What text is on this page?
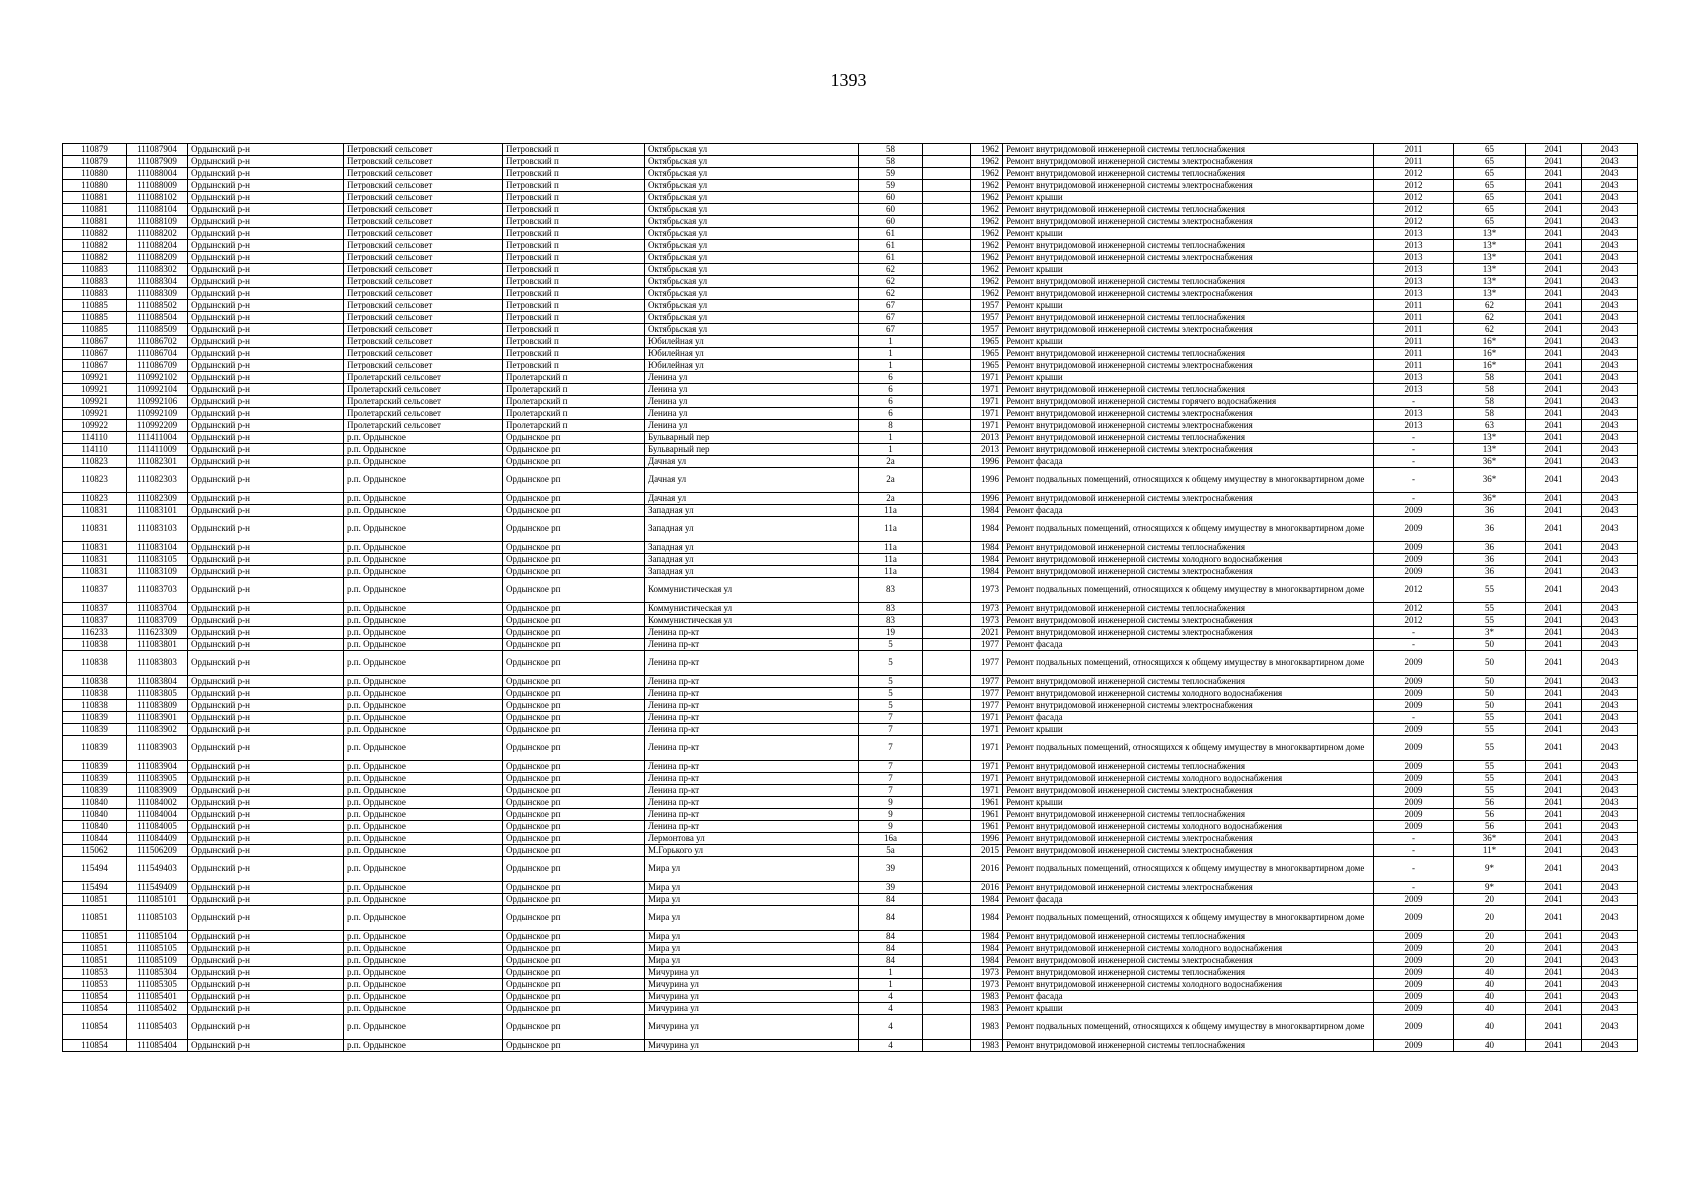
1393
110879	111087904	Ордынский р-н	Петровский сельсовет	Петровский п	Октябрьская ул	58		1962	Ремонт внутридомовой инженерной системы теплоснабжения	2011	65	2041	2043
110879	111087909	Ордынский р-н	Петровский сельсовет	Петровский п	Октябрьская ул	58		1962	Ремонт внутридомовой инженерной системы электроснабжения	2011	65	2041	2043
110880	111088004	Ордынский р-н	Петровский сельсовет	Петровский п	Октябрьская ул	59		1962	Ремонт внутридомовой инженерной системы теплоснабжения	2012	65	2041	2043
110880	111088009	Ордынский р-н	Петровский сельсовет	Петровский п	Октябрьская ул	59		1962	Ремонт внутридомовой инженерной системы электроснабжения	2012	65	2041	2043
110881	111088102	Ордынский р-н	Петровский сельсовет	Петровский п	Октябрьская ул	60		1962	Ремонт крыши	2012	65	2041	2043
110881	111088104	Ордынский р-н	Петровский сельсовет	Петровский п	Октябрьская ул	60		1962	Ремонт внутридомовой инженерной системы теплоснабжения	2012	65	2041	2043
110881	111088109	Ордынский р-н	Петровский сельсовет	Петровский п	Октябрьская ул	60		1962	Ремонт внутридомовой инженерной системы электроснабжения	2012	65	2041	2043
110882	111088202	Ордынский р-н	Петровский сельсовет	Петровский п	Октябрьская ул	61		1962	Ремонт крыши	2013	13*	2041	2043
110882	111088204	Ордынский р-н	Петровский сельсовет	Петровский п	Октябрьская ул	61		1962	Ремонт внутридомовой инженерной системы теплоснабжения	2013	13*	2041	2043
110882	111088209	Ордынский р-н	Петровский сельсовет	Петровский п	Октябрьская ул	61		1962	Ремонт внутридомовой инженерной системы электроснабжения	2013	13*	2041	2043
110883	111088302	Ордынский р-н	Петровский сельсовет	Петровский п	Октябрьская ул	62		1962	Ремонт крыши	2013	13*	2041	2043
110883	111088304	Ордынский р-н	Петровский сельсовет	Петровский п	Октябрьская ул	62		1962	Ремонт внутридомовой инженерной системы теплоснабжения	2013	13*	2041	2043
110883	111088309	Ордынский р-н	Петровский сельсовет	Петровский п	Октябрьская ул	62		1962	Ремонт внутридомовой инженерной системы электроснабжения	2013	13*	2041	2043
110885	111088502	Ордынский р-н	Петровский сельсовет	Петровский п	Октябрьская ул	67		1957	Ремонт крыши	2011	62	2041	2043
110885	111088504	Ордынский р-н	Петровский сельсовет	Петровский п	Октябрьская ул	67		1957	Ремонт внутридомовой инженерной системы теплоснабжения	2011	62	2041	2043
110885	111088509	Ордынский р-н	Петровский сельсовет	Петровский п	Октябрьская ул	67		1957	Ремонт внутридомовой инженерной системы электроснабжения	2011	62	2041	2043
110867	111086702	Ордынский р-н	Петровский сельсовет	Петровский п	Юбилейная ул	1		1965	Ремонт крыши	2011	16*	2041	2043
110867	111086704	Ордынский р-н	Петровский сельсовет	Петровский п	Юбилейная ул	1		1965	Ремонт внутридомовой инженерной системы теплоснабжения	2011	16*	2041	2043
110867	111086709	Ордынский р-н	Петровский сельсовет	Петровский п	Юбилейная ул	1		1965	Ремонт внутридомовой инженерной системы электроснабжения	2011	16*	2041	2043
109921	110992102	Ордынский р-н	Пролетарский сельсовет	Пролетарский п	Ленина ул	6		1971	Ремонт крыши	2013	58	2041	2043
109921	110992104	Ордынский р-н	Пролетарский сельсовет	Пролетарский п	Ленина ул	6		1971	Ремонт внутридомовой инженерной системы теплоснабжения	2013	58	2041	2043
109921	110992106	Ордынский р-н	Пролетарский сельсовет	Пролетарский п	Ленина ул	6		1971	Ремонт внутридомовой инженерной системы горячего водоснабжения	-	58	2041	2043
109921	110992109	Ордынский р-н	Пролетарский сельсовет	Пролетарский п	Ленина ул	6		1971	Ремонт внутридомовой инженерной системы электроснабжения	2013	58	2041	2043
109922	110992209	Ордынский р-н	Пролетарский сельсовет	Пролетарский п	Ленина ул	8		1971	Ремонт внутридомовой инженерной системы электроснабжения	2013	63	2041	2043
114110	111411004	Ордынский р-н	р.п. Ордынское	Ордынское рп	Бульварный пер	1		2013	Ремонт внутридомовой инженерной системы теплоснабжения	-	13*	2041	2043
114110	111411009	Ордынский р-н	р.п. Ордынское	Ордынское рп	Бульварный пер	1		2013	Ремонт внутридомовой инженерной системы электроснабжения	-	13*	2041	2043
110823	111082301	Ордынский р-н	р.п. Ордынское	Ордынское рп	Дачная ул	2а		1996	Ремонт фасада	-	36*	2041	2043
110823	111082303	Ордынский р-н	р.п. Ордынское	Ордынское рп	Дачная ул	2а		1996	Ремонт подвальных помещений, относящихся к общему имуществу в многоквартирном доме	-	36*	2041	2043
110823	111082309	Ордынский р-н	р.п. Ордынское	Ордынское рп	Дачная ул	2а		1996	Ремонт внутридомовой инженерной системы электроснабжения	-	36*	2041	2043
110831	111083101	Ордынский р-н	р.п. Ордынское	Ордынское рп	Западная ул	11а		1984	Ремонт фасада	2009	36	2041	2043
110831	111083103	Ордынский р-н	р.п. Ордынское	Ордынское рп	Западная ул	11а		1984	Ремонт подвальных помещений, относящихся к общему имуществу в многоквартирном доме	2009	36	2041	2043
110831	111083104	Ордынский р-н	р.п. Ордынское	Ордынское рп	Западная ул	11а		1984	Ремонт внутридомовой инженерной системы теплоснабжения	2009	36	2041	2043
110831	111083105	Ордынский р-н	р.п. Ордынское	Ордынское рп	Западная ул	11а		1984	Ремонт внутридомовой инженерной системы холодного водоснабжения	2009	36	2041	2043
110831	111083109	Ордынский р-н	р.п. Ордынское	Ордынское рп	Западная ул	11а		1984	Ремонт внутридомовой инженерной системы электроснабжения	2009	36	2041	2043
110837	111083703	Ордынский р-н	р.п. Ордынское	Ордынское рп	Коммунистическая ул	83		1973	Ремонт подвальных помещений, относящихся к общему имуществу в многоквартирном доме	2012	55	2041	2043
110837	111083704	Ордынский р-н	р.п. Ордынское	Ордынское рп	Коммунистическая ул	83		1973	Ремонт внутридомовой инженерной системы теплоснабжения	2012	55	2041	2043
110837	111083709	Ордынский р-н	р.п. Ордынское	Ордынское рп	Коммунистическая ул	83		1973	Ремонт внутридомовой инженерной системы электроснабжения	2012	55	2041	2043
116233	111623309	Ордынский р-н	р.п. Ордынское	Ордынское рп	Ленина пр-кт	19		2021	Ремонт внутридомовой инженерной системы электроснабжения	-	3*	2041	2043
110838	111083801	Ордынский р-н	р.п. Ордынское	Ордынское рп	Ленина пр-кт	5		1977	Ремонт фасада	-	50	2041	2043
110838	111083803	Ордынский р-н	р.п. Ордынское	Ордынское рп	Ленина пр-кт	5		1977	Ремонт подвальных помещений, относящихся к общему имуществу в многоквартирном доме	2009	50	2041	2043
110838	111083804	Ордынский р-н	р.п. Ордынское	Ордынское рп	Ленина пр-кт	5		1977	Ремонт внутридомовой инженерной системы теплоснабжения	2009	50	2041	2043
110838	111083805	Ордынский р-н	р.п. Ордынское	Ордынское рп	Ленина пр-кт	5		1977	Ремонт внутридомовой инженерной системы холодного водоснабжения	2009	50	2041	2043
110838	111083809	Ордынский р-н	р.п. Ордынское	Ордынское рп	Ленина пр-кт	5		1977	Ремонт внутридомовой инженерной системы электроснабжения	2009	50	2041	2043
110839	111083901	Ордынский р-н	р.п. Ордынское	Ордынское рп	Ленина пр-кт	7		1971	Ремонт фасада	-	55	2041	2043
110839	111083902	Ордынский р-н	р.п. Ордынское	Ордынское рп	Ленина пр-кт	7		1971	Ремонт крыши	2009	55	2041	2043
110839	111083903	Ордынский р-н	р.п. Ордынское	Ордынское рп	Ленина пр-кт	7		1971	Ремонт подвальных помещений, относящихся к общему имуществу в многоквартирном доме	2009	55	2041	2043
110839	111083904	Ордынский р-н	р.п. Ордынское	Ордынское рп	Ленина пр-кт	7		1971	Ремонт внутридомовой инженерной системы теплоснабжения	2009	55	2041	2043
110839	111083905	Ордынский р-н	р.п. Ордынское	Ордынское рп	Ленина пр-кт	7		1971	Ремонт внутридомовой инженерной системы холодного водоснабжения	2009	55	2041	2043
110839	111083909	Ордынский р-н	р.п. Ордынское	Ордынское рп	Ленина пр-кт	7		1971	Ремонт внутридомовой инженерной системы электроснабжения	2009	55	2041	2043
110840	111084002	Ордынский р-н	р.п. Ордынское	Ордынское рп	Ленина пр-кт	9		1961	Ремонт крыши	2009	56	2041	2043
110840	111084004	Ордынский р-н	р.п. Ордынское	Ордынское рп	Ленина пр-кт	9		1961	Ремонт внутридомовой инженерной системы теплоснабжения	2009	56	2041	2043
110840	111084005	Ордынский р-н	р.п. Ордынское	Ордынское рп	Ленина пр-кт	9		1961	Ремонт внутридомовой инженерной системы холодного водоснабжения	2009	56	2041	2043
110844	111084409	Ордынский р-н	р.п. Ордынское	Ордынское рп	Лермонтова ул	16а		1996	Ремонт внутридомовой инженерной системы электроснабжения	-	36*	2041	2043
115062	111506209	Ордынский р-н	р.п. Ордынское	Ордынское рп	М.Горького ул	5а		2015	Ремонт внутридомовой инженерной системы электроснабжения	-	11*	2041	2043
115494	111549403	Ордынский р-н	р.п. Ордынское	Ордынское рп	Мира ул	39		2016	Ремонт подвальных помещений, относящихся к общему имуществу в многоквартирном доме	-	9*	2041	2043
115494	111549409	Ордынский р-н	р.п. Ордынское	Ордынское рп	Мира ул	39		2016	Ремонт внутридомовой инженерной системы электроснабжения	-	9*	2041	2043
110851	111085101	Ордынский р-н	р.п. Ордынское	Ордынское рп	Мира ул	84		1984	Ремонт фасада	2009	20	2041	2043
110851	111085103	Ордынский р-н	р.п. Ордынское	Ордынское рп	Мира ул	84		1984	Ремонт подвальных помещений, относящихся к общему имуществу в многоквартирном доме	2009	20	2041	2043
110851	111085104	Ордынский р-н	р.п. Ордынское	Ордынское рп	Мира ул	84		1984	Ремонт внутридомовой инженерной системы теплоснабжения	2009	20	2041	2043
110851	111085105	Ордынский р-н	р.п. Ордынское	Ордынское рп	Мира ул	84		1984	Ремонт внутридомовой инженерной системы холодного водоснабжения	2009	20	2041	2043
110851	111085109	Ордынский р-н	р.п. Ордынское	Ордынское рп	Мира ул	84		1984	Ремонт внутридомовой инженерной системы электроснабжения	2009	20	2041	2043
110853	111085304	Ордынский р-н	р.п. Ордынское	Ордынское рп	Мичурина ул	1		1973	Ремонт внутридомовой инженерной системы теплоснабжения	2009	40	2041	2043
110853	111085305	Ордынский р-н	р.п. Ордынское	Ордынское рп	Мичурина ул	1		1973	Ремонт внутридомовой инженерной системы холодного водоснабжения	2009	40	2041	2043
110854	111085401	Ордынский р-н	р.п. Ордынское	Ордынское рп	Мичурина ул	4		1983	Ремонт фасада	2009	40	2041	2043
110854	111085402	Ордынский р-н	р.п. Ордынское	Ордынское рп	Мичурина ул	4		1983	Ремонт крыши	2009	40	2041	2043
110854	111085403	Ордынский р-н	р.п. Ордынское	Ордынское рп	Мичурина ул	4		1983	Ремонт подвальных помещений, относящихся к общему имуществу в многоквартирном доме	2009	40	2041	2043
110854	111085404	Ордынский р-н	р.п. Ордынское	Ордынское рп	Мичурина ул	4		1983	Ремонт внутридомовой инженерной системы теплоснабжения	2009	40	2041	2043
